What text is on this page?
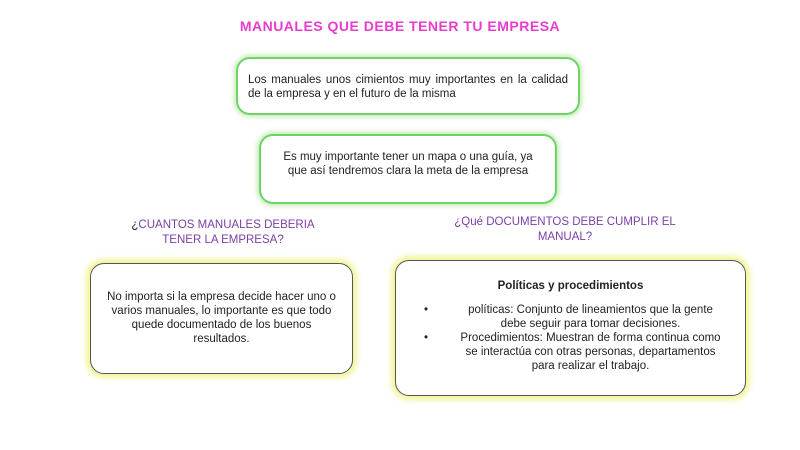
MANUALES QUE DEBE TENER TU EMPRESA
Los manuales unos cimientos muy importantes en la calidad de la empresa y en el futuro de la misma
Es muy importante tener un mapa o una guía, ya que así tendremos clara la meta de la empresa
¿CUANTOS MANUALES DEBERIA TENER LA EMPRESA?
¿Qué DOCUMENTOS DEBE CUMPLIR EL MANUAL?
No importa si la empresa decide hacer uno o varios manuales, lo importante es que todo quede documentado de los buenos resultados.
Políticas y procedimientos
•	políticas: Conjunto de lineamientos que la gente debe seguir para tomar decisiones.
•	Procedimientos: Muestran de forma continua como se interactúa con otras personas, departamentos para realizar el trabajo.
